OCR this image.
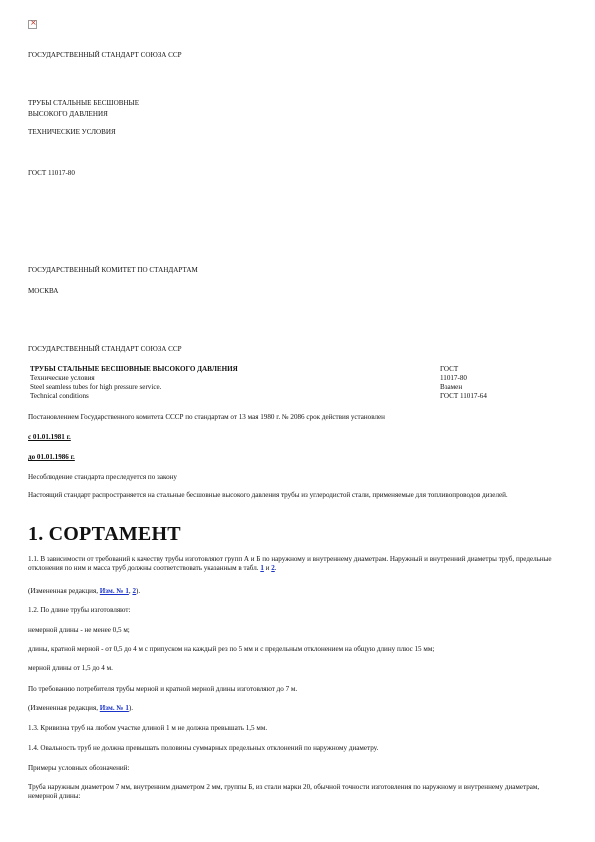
×
ГОСУДАРСТВЕННЫЙ СТАНДАРТ СОЮЗА ССР
ТРУБЫ СТАЛЬНЫЕ БЕСШОВНЫЕ
ВЫСОКОГО ДАВЛЕНИЯ
ТЕХНИЧЕСКИЕ УСЛОВИЯ
ГОСТ 11017-80
ГОСУДАРСТВЕННЫЙ КОМИТЕТ ПО СТАНДАРТАМ
МОСКВА
ГОСУДАРСТВЕННЫЙ СТАНДАРТ СОЮЗА ССР
ТРУБЫ СТАЛЬНЫЕ БЕСШОВНЫЕ ВЫСОКОГО ДАВЛЕНИЯ
Технические условия
Steel seamless tubes for high pressure service.
Technical conditions
ГОСТ
11017-80
Взамен
ГОСТ 11017-64
Постановлением Государственного комитета СССР по стандартам от 13 мая 1980 г. № 2086 срок действия установлен
с 01.01.1981 г.
до 01.01.1986 г.
Несоблюдение стандарта преследуется по закону
Настоящий стандарт распространяется на стальные бесшовные высокого давления трубы из углеродистой стали, применяемые для топливопроводов дизелей.
1. СОРТАМЕНТ
1.1. В зависимости от требований к качеству трубы изготовляют групп А и Б по наружному и внутреннему диаметрам. Наружный и внутренний диаметры труб, предельные отклонения по ним и масса труб должны соответствовать указанным в табл. 1 и 2.
(Измененная редакция, Изм. № 1, 2).
1.2. По длине трубы изготовляют:
немерной длины - не менее 0,5 м;
длины, кратной мерной - от 0,5 до 4 м с припуском на каждый рез по 5 мм и с предельным отклонением на общую длину плюс 15 мм;
мерной длины от 1,5 до 4 м.
По требованию потребителя трубы мерной и кратной мерной длины изготовляют до 7 м.
(Измененная редакция, Изм. № 1).
1.3. Кривизна труб на любом участке длиной 1 м не должна превышать 1,5 мм.
1.4. Овальность труб не должна превышать половины суммарных предельных отклонений по наружному диаметру.
Примеры условных обозначений:
Труба наружным диаметром 7 мм, внутренним диаметром 2 мм, группы Б, из стали марки 20, обычной точности изготовления по наружному и внутреннему диаметрам, немерной длины:
